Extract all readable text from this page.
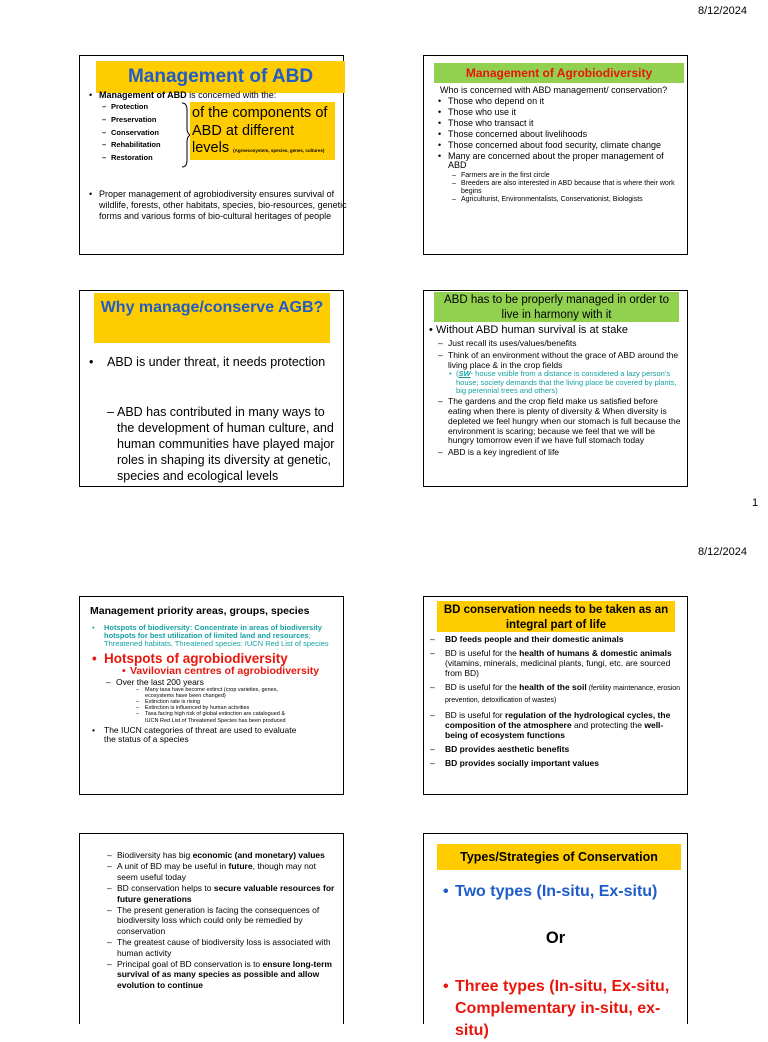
8/12/2024
Management of ABD
• Management of ABD is concerned with the:
– Protection
– Preservation
– Conservation
– Rehabilitation
– Restoration
of the components of ABD at different levels (Agroecosystem, species, genes, cultures)
• Proper management of agrobiodiversity ensures survival of wildlife, forests, other habitats, species, bio-resources, genetic forms and various forms of bio-cultural heritages of people
Management of Agrobiodiversity
Who is concerned with ABD management/ conservation?
• Those who depend on it
• Those who use it
• Those who transact it
• Those concerned about livelihoods
• Those concerned about food security, climate change
• Many are concerned about the proper management of ABD
– Farmers are in the first circle
– Breeders are also interested in ABD because that is where their work begins
– Agriculturist, Environmentalists, Conservationist, Biologists
Why manage/conserve AGB?
• ABD is under threat, it needs protection
– ABD has contributed in many ways to the development of human culture, and human communities have played major roles in shaping its diversity at genetic, species and ecological levels
ABD has to be properly managed in order to live in harmony with it
• Without ABD human survival is at stake
– Just recall its uses/values/benefits
– Think of an environment without the grace of ABD around the living place & in the crop fields
• (SW- house visible from a distance is considered a lazy person’s house; society demands that the living place be covered by plants, big perennial trees and others)
– The gardens and the crop field make us satisfied before eating when there is plenty of diversity & When diversity is depleted we feel hungry when our stomach is full because the environment is scaring; because we feel that we will be hungry tomorrow even if we have full stomach today
– ABD is a key ingredient of life
1
8/12/2024
Management priority areas, groups, species
• Hotspots of biodiversity: Concentrate in areas of biodiversity hotspots for best utilization of limited land and resources; Threatened habitats, Threatened species: IUCN Red List of species
• Hotspots of agrobiodiversity
• Vavilovian centres of agrobiodiversity
– Over the last 200 years
– Many taxa have become extinct (crop varieties, genes, ecosystems have been changed)
– Extinction rate is rising
– Extinction is influenced by human activities
– Taxa facing high risk of global extinction are catalogued & IUCN Red List of Threatened Species has been produced
• The IUCN categories of threat are used to evaluate the status of a species
BD conservation needs to be taken as an integral part of life
– BD feeds people and their domestic animals
– BD is useful for the health of humans & domestic animals (vitamins, minerals, medicinal plants, fungi, etc. are sourced from BD)
– BD is useful for the health of the soil (fertility maintenance, erosion prevention, detoxification of wastes)
– BD is useful for regulation of the hydrological cycles, the composition of the atmosphere and protecting the well-being of ecosystem functions
– BD provides aesthetic benefits
– BD provides socially important values
– Biodiversity has big economic (and monetary) values
– A unit of BD may be useful in future, though may not seem useful today
– BD conservation helps to secure valuable resources for future generations
– The present generation is facing the consequences of biodiversity loss which could only be remedied by conservation
– The greatest cause of biodiversity loss is associated with human activity
– Principal goal of BD conservation is to ensure long-term survival of as many species as possible and allow evolution to continue
Types/Strategies of Conservation
• Two types (In-situ, Ex-situ)
Or
• Three types (In-situ, Ex-situ, Complementary in-situ, ex-situ)
